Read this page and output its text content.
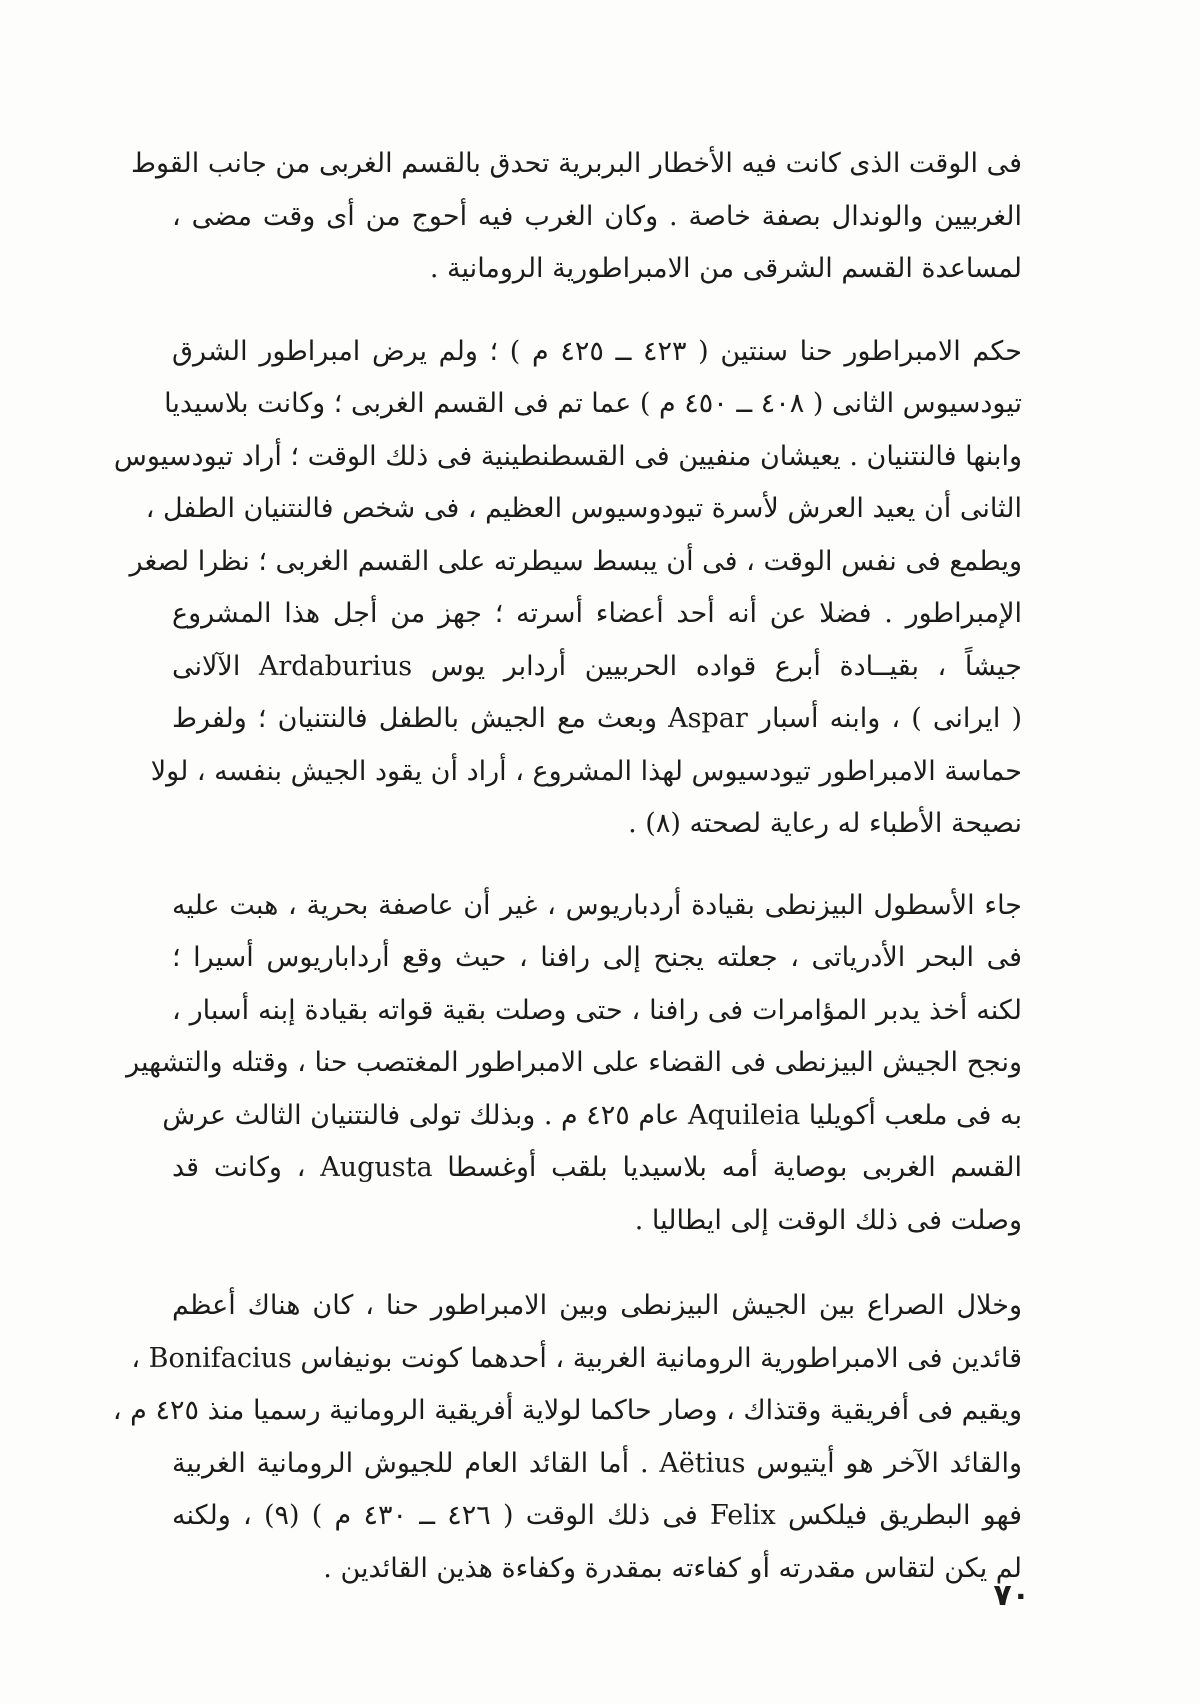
فى الوقت الذى كانت فيه الأخطار البربرية تحدق بالقسم الغربى من جانب القوط
الغربيين والوندال بصفة خاصة . وكان الغرب فيه أحوج من أى وقت مضى ،
لمساعدة القسم الشرقى من الامبراطورية الرومانية .
حكم الامبراطور حنا سنتين ( ٤٢٣ ــ ٤٢٥ م ) ؛ ولم يرض امبراطور الشرق
تيودسيوس الثانى ( ٤٠٨ ــ ٤٥٠ م ) عما تم فى القسم الغربى ؛ وكانت بلاسيديا
وابنها فالنتنيان . يعيشان منفيين فى القسطنطينية فى ذلك الوقت ؛ أراد تيودسيوس
الثانى أن يعيد العرش لأسرة تيودوسيوس العظيم ، فى شخص فالنتنيان الطفل ،
ويطمع فى نفس الوقت ، فى أن يبسط سيطرته على القسم الغربى ؛ نظرا لصغر
الإمبراطور . فضلا عن أنه أحد أعضاء أسرته ؛ جهز من أجل هذا المشروع
جيشاً ، بقيــادة أبرع قواده الحربيين أردابر يوس Ardaburius الآلانى
( ايرانى ) ، وابنه أسبار Aspar وبعث مع الجيش بالطفل فالنتنيان ؛ ولفرط
حماسة الامبراطور تيودسيوس لهذا المشروع ، أراد أن يقود الجيش بنفسه ، لولا
نصيحة الأطباء له رعاية لصحته (٨) .
جاء الأسطول البيزنطى بقيادة أردباريوس ، غير أن عاصفة بحرية ، هبت عليه
فى البحر الأدرياتى ، جعلته يجنح إلى رافنا ، حيث وقع أرداباريوس أسيرا ؛
لكنه أخذ يدبر المؤامرات فى رافنا ، حتى وصلت بقية قواته بقيادة إبنه أسبار ،
ونجح الجيش البيزنطى فى القضاء على الامبراطور المغتصب حنا ، وقتله والتشهير
به فى ملعب أكويليا Aquileia عام ٤٢٥ م . وبذلك تولى فالنتنيان الثالث عرش
القسم الغربى بوصاية أمه بلاسيديا بلقب أوغسطا Augusta ، وكانت قد
وصلت فى ذلك الوقت إلى ايطاليا .
وخلال الصراع بين الجيش البيزنطى وبين الامبراطور حنا ، كان هناك أعظم
قائدين فى الامبراطورية الرومانية الغربية ، أحدهما كونت بونيفاس Bonifacius ،
ويقيم فى أفريقية وقتذاك ، وصار حاكما لولاية أفريقية الرومانية رسميا منذ ٤٢٥ م ،
والقائد الآخر هو أيتيوس Aëtius . أما القائد العام للجيوش الرومانية الغربية
فهو البطريق فيلكس Felix فى ذلك الوقت ( ٤٢٦ ــ ٤٣٠ م ) (٩) ، ولكنه
لم يكن لتقاس مقدرته أو كفاءته بمقدرة وكفاءة هذين القائدين .
٧٠
